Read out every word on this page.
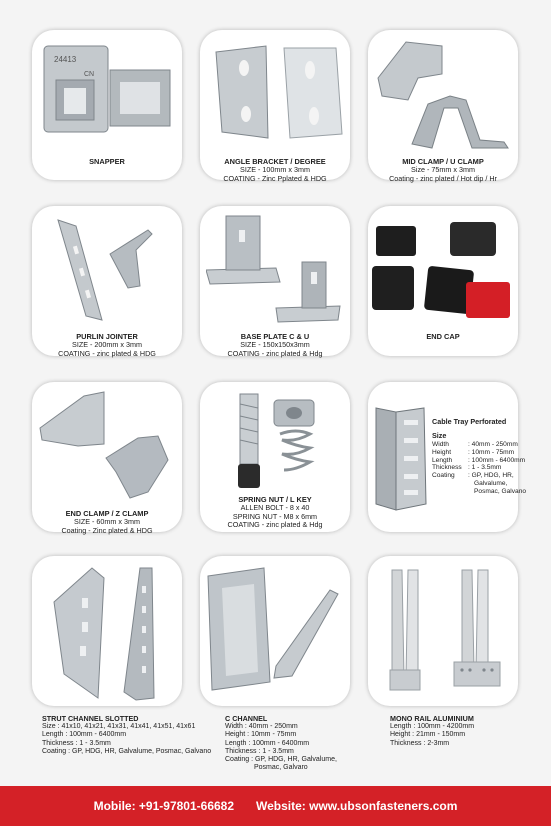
24413
CN
SNAPPER	ANGLE BRACKET / DEGREE
SIZE - 100mm x 3mm
COATING - Zinc Pplated & HDG
MID CLAMP / U CLAMP
Size - 75mm x 3mm
Coating - zinc plated / Hot dip / Hr
PURLIN JOINTER
SIZE - 200mm x 3mm
COATING - zinc plated & HDG
BASE PLATE C & U
SIZE - 150x150x3mm
COATING - zinc plated & Hdg
END CAP
END CLAMP / Z CLAMP
SIZE - 60mm x 3mm
Coating - Zinc plated & HDG
SPRING NUT / L KEY
ALLEN BOLT - 8 x 40
SPRING NUT - M8 x 6mm
COATING - zinc plated & Hdg
Cable Tray Perforated
Size
Width	: 40mm - 250mm
Height	: 10mm - 75mm
Length	: 100mm - 6400mm
Thickness : 1 - 3.5mm
Coating	: GP, HDG, HR,
Galvalume,
Posmac, Galvano
STRUT CHANNEL SLOTTED
Size : 41x10, 41x21, 41x31, 41x41, 41x51, 41x61
Length : 100mm - 6400mm
Thickness : 1 - 3.5mm
Coating : GP, HDG, HR, Galvalume, Posmac, Galvano
C CHANNEL
Width : 40mm - 250mm
Height : 10mm - 75mm
Length : 100mm - 6400mm
Thickness : 1 - 3.5mm
Coating : GP, HDG, HR, Galvalume,
Posmac, Galvaro
MONO RAIL ALUMINIUM
Length : 100mm - 4200mm
Height : 21mm - 150mm
Thickness : 2-3mm
Mobile: +91-97801-66682 Website: www.ubsonfasteners.com
